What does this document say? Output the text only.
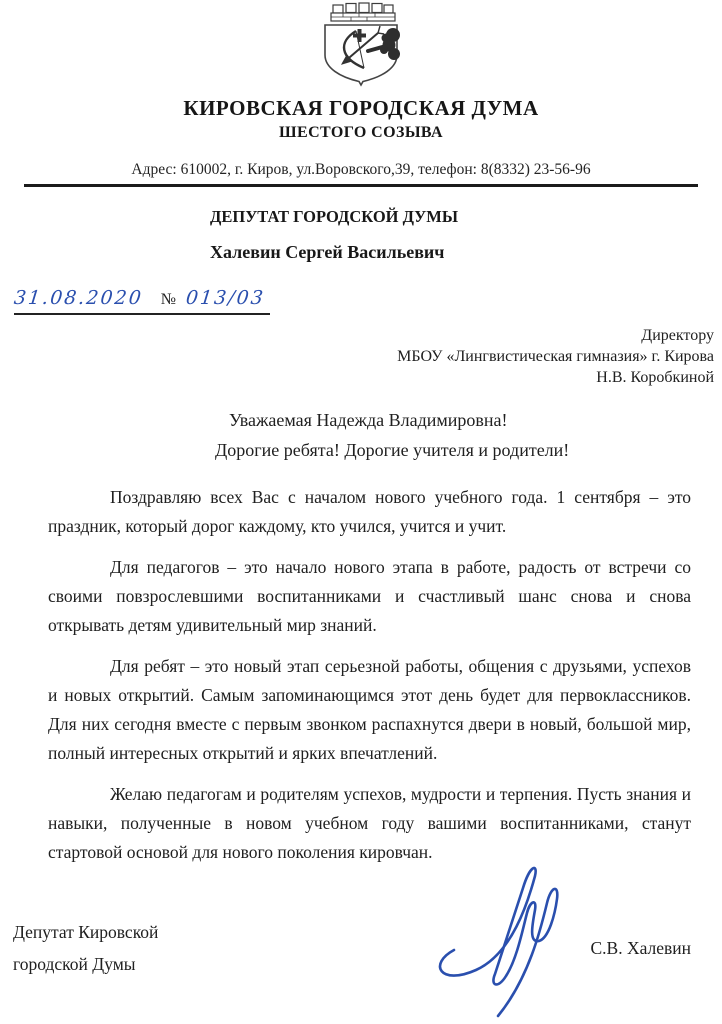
КИРОВСКАЯ ГОРОДСКАЯ ДУМА
ШЕСТОГО СОЗЫВА
Адрес: 610002, г. Киров, ул.Воровского,39, телефон: 8(8332) 23-56-96
ДЕПУТАТ ГОРОДСКОЙ ДУМЫ
Халевин Сергей Васильевич
31.08.2020 № 013/03
Директору
МБОУ «Лингвистическая гимназия» г. Кирова
Н.В. Коробкиной
Уважаемая Надежда Владимировна!
Дорогие ребята! Дорогие учителя и родители!

Поздравляю всех Вас с началом нового учебного года. 1 сентября – это праздник, который дорог каждому, кто учился, учится и учит.

Для педагогов – это начало нового этапа в работе, радость от встречи со своими повзрослевшими воспитанниками и счастливый шанс снова и снова открывать детям удивительный мир знаний.

Для ребят – это новый этап серьезной работы, общения с друзьями, успехов и новых открытий. Самым запоминающимся этот день будет для первоклассников. Для них сегодня вместе с первым звонком распахнутся двери в новый, большой мир, полный интересных открытий и ярких впечатлений.

Желаю педагогам и родителям успехов, мудрости и терпения. Пусть знания и навыки, полученные в новом учебном году вашими воспитанниками, станут стартовой основой для нового поколения кировчан.

Депутат Кировской
городской Думы
С.В. Халевин
